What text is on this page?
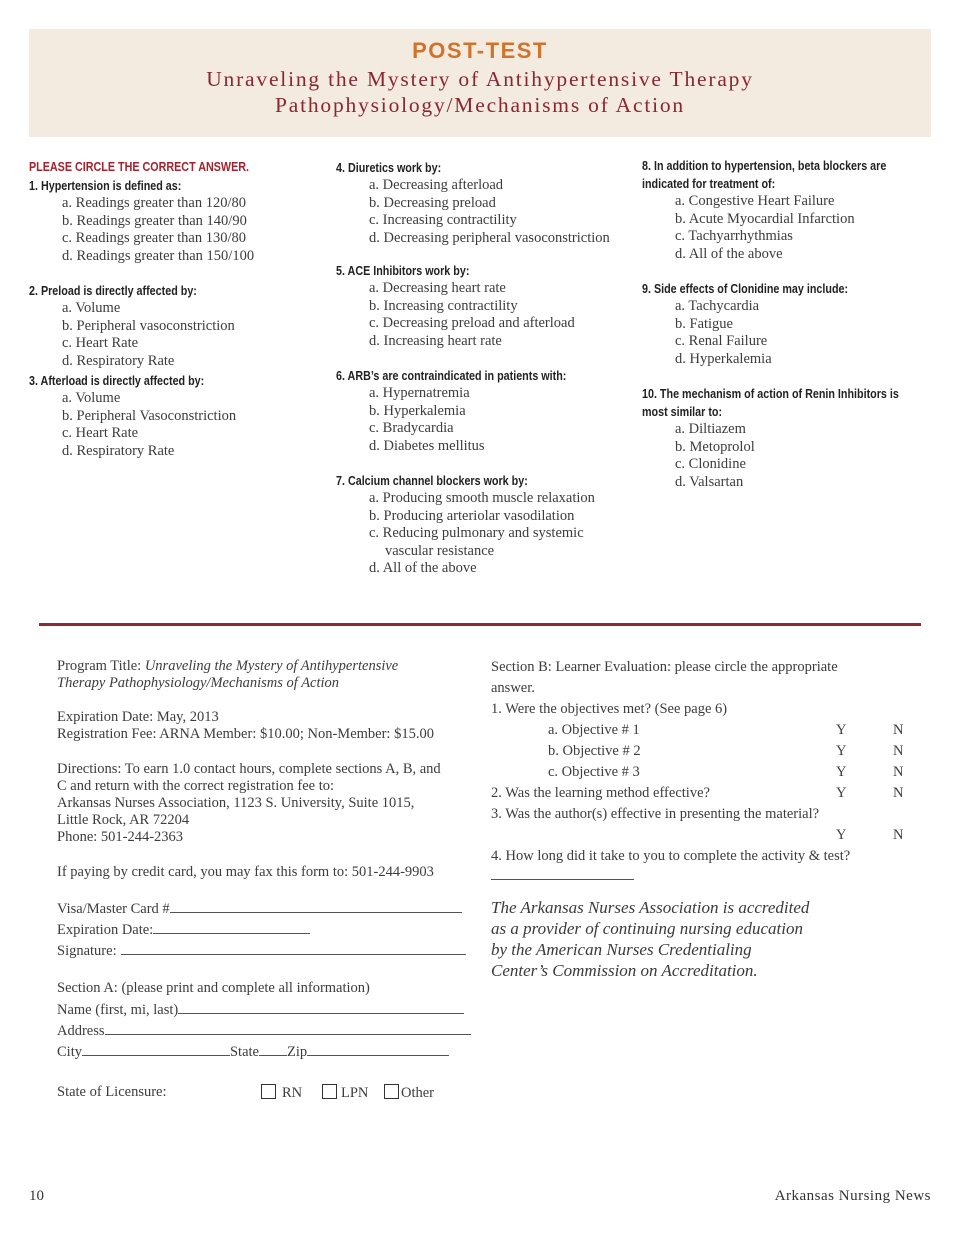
POST-TEST
Unraveling the Mystery of Antihypertensive Therapy
Pathophysiology/Mechanisms of Action
PLEASE CIRCLE THE CORRECT ANSWER.
1. Hypertension is defined as:
a. Readings greater than 120/80
b. Readings greater than 140/90
c. Readings greater than 130/80
d. Readings greater than 150/100
2. Preload is directly affected by:
a. Volume
b. Peripheral vasoconstriction
c. Heart Rate
d. Respiratory Rate
3. Afterload is directly affected by:
a. Volume
b. Peripheral Vasoconstriction
c. Heart Rate
d. Respiratory Rate
4. Diuretics work by:
a. Decreasing afterload
b. Decreasing preload
c. Increasing contractility
d. Decreasing peripheral vasoconstriction
5. ACE Inhibitors work by:
a. Decreasing heart rate
b. Increasing contractility
c. Decreasing preload and afterload
d. Increasing heart rate
6. ARB’s are contraindicated in patients with:
a. Hypernatremia
b. Hyperkalemia
c. Bradycardia
d. Diabetes mellitus
7. Calcium channel blockers work by:
a. Producing smooth muscle relaxation
b. Producing arteriolar vasodilation
c. Reducing pulmonary and systemic vascular resistance
d. All of the above
8. In addition to hypertension, beta blockers are
indicated for treatment of:
a. Congestive Heart Failure
b. Acute Myocardial Infarction
c. Tachyarrhythmias
d. All of the above
9. Side effects of Clonidine may include:
a. Tachycardia
b. Fatigue
c. Renal Failure
d. Hyperkalemia
10. The mechanism of action of Renin Inhibitors is
most similar to:
a. Diltiazem
b. Metoprolol
c. Clonidine
d. Valsartan
Program Title: Unraveling the Mystery of Antihypertensive
Therapy Pathophysiology/Mechanisms of Action
Expiration Date: May, 2013
Registration Fee: ARNA Member: $10.00; Non-Member: $15.00
Directions: To earn 1.0 contact hours, complete sections A, B, and
C and return with the correct registration fee to:
Arkansas Nurses Association, 1123 S. University, Suite 1015,
Little Rock, AR 72204
Phone: 501-244-2363
If paying by credit card, you may fax this form to: 501-244-9903
Visa/Master Card #
Expiration Date:
Signature:
Section A: (please print and complete all information)
Name (first, mi, last)
Address
City	State Zip
State of Licensure:	RN	LPN	Other
Section B: Learner Evaluation: please circle the appropriate
answer.
1. Were the objectives met? (See page 6)
a. Objective # 1	Y	N
b. Objective # 2	Y	N
c. Objective # 3	Y	N
2. Was the learning method effective?	Y	N
3. Was the author(s) effective in presenting the material?
Y	N
4. How long did it take to you to complete the activity & test?
The Arkansas Nurses Association is accredited
as a provider of continuing nursing education
by the American Nurses Credentialing
Center’s Commission on Accreditation.
10	Arkansas Nursing News
